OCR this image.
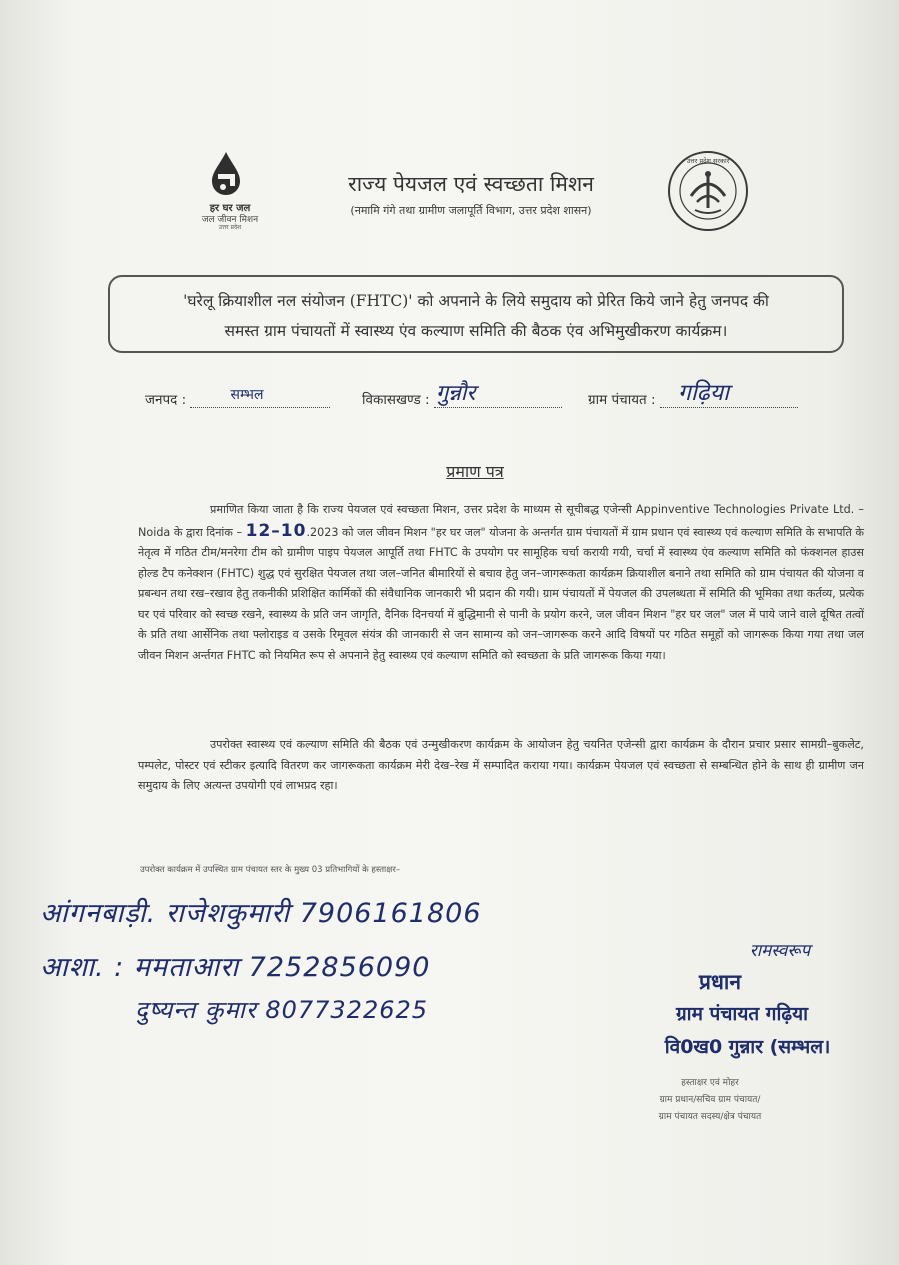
हर घर जल
जल जीवन मिशन
उत्तर प्रदेश
राज्य पेयजल एवं स्वच्छता मिशन
(नमामि गंगे तथा ग्रामीण जलापूर्ति विभाग, उत्तर प्रदेश शासन)
उत्तर प्रदेश सरकार
'घरेलू क्रियाशील नल संयोजन (FHTC)' को अपनाने के लिये समुदाय को प्रेरित किये जाने हेतु जनपद की
समस्त ग्राम पंचायतों में स्वास्थ्य एंव कल्याण समिति की बैठक एंव अभिमुखीकरण कार्यक्रम।
जनपद :	सम्भल	विकासखण्ड : गुन्नौर	ग्राम पंचायत : गढ़िया
प्रमाण पत्र

प्रमाणित किया जाता है कि राज्य पेयजल एवं स्वच्छता मिशन, उत्तर प्रदेश के माध्यम से सूचीबद्ध एजेन्सी Appinventive Technologies Private Ltd. – Noida के द्वारा दिनांक – 12–10.2023 को जल जीवन मिशन "हर घर जल" योजना के अन्तर्गत ग्राम पंचायतों में ग्राम प्रधान एवं स्वास्थ्य एवं कल्याण समिति के सभापति के नेतृत्व में गठित टीम/मनरेगा टीम को ग्रामीण पाइप पेयजल आपूर्ति तथा FHTC के उपयोग पर सामूहिक चर्चा करायी गयी, चर्चा में स्वास्थ्य एंव कल्याण समिति को फंक्शनल हाउस होल्ड टैप कनेक्शन (FHTC) शुद्ध एवं सुरक्षित पेयजल तथा जल–जनित बीमारियों से बचाव हेतु जन–जागरूकता कार्यक्रम क्रियाशील बनाने तथा समिति को ग्राम पंचायत की योजना व प्रबन्धन तथा रख–रखाव हेतु तकनीकी प्रशिक्षित कार्मिकों की संवैधानिक जानकारी भी प्रदान की गयी। ग्राम पंचायतों में पेयजल की उपलब्धता में समिति की भूमिका तथा कर्तव्य, प्रत्येक घर एवं परिवार को स्वच्छ रखने, स्वास्थ्य के प्रति जन जागृति, दैनिक दिनचर्या में बुद्धिमानी से पानी के प्रयोग करने, जल जीवन मिशन "हर घर जल" जल में पाये जाने वाले दूषित तत्वों के प्रति तथा आर्सेनिक तथा फ्लोराइड व उसके रिमूवल संयंत्र की जानकारी से जन सामान्य को जन–जागरूक करने आदि विषयों पर गठित समूहों को जागरूक किया गया तथा जल जीवन मिशन अर्न्तगत FHTC को नियमित रूप से अपनाने हेतु स्वास्थ्य एवं कल्याण समिति को स्वच्छता के प्रति जागरूक किया गया।

उपरोक्त स्वास्थ्य एवं कल्याण समिति की बैठक एवं उन्मुखीकरण कार्यक्रम के आयोजन हेतु चयनित एजेन्सी द्वारा कार्यक्रम के दौरान प्रचार प्रसार सामग्री–बुकलेट, पम्पलेट, पोस्टर एवं स्टीकर इत्यादि वितरण कर जागरूकता कार्यक्रम मेरी देख–रेख में सम्पादित कराया गया। कार्यक्रम पेयजल एवं स्वच्छता से सम्बन्धित होने के साथ ही ग्रामीण जन समुदाय के लिए अत्यन्त उपयोगी एवं लाभप्रद रहा।

उपरोक्त कार्यक्रम में उपस्थित ग्राम पंचायत स्तर के मुख्य 03 प्रतिभागियों के हस्ताक्षर–
आंगनबाड़ी. राजेशकुमारी 7906161806
आशा. : ममताआरा 7252856090
दुष्यन्त कुमार 8077322625
रामस्वरूप
प्रधान
ग्राम पंचायत गढ़िया
वि0ख0 गुन्नार (सम्भल।
हस्ताक्षर एवं मोहर
ग्राम प्रधान/सचिव ग्राम पंचायत/
ग्राम पंचायत सदस्य/क्षेत्र पंचायत
